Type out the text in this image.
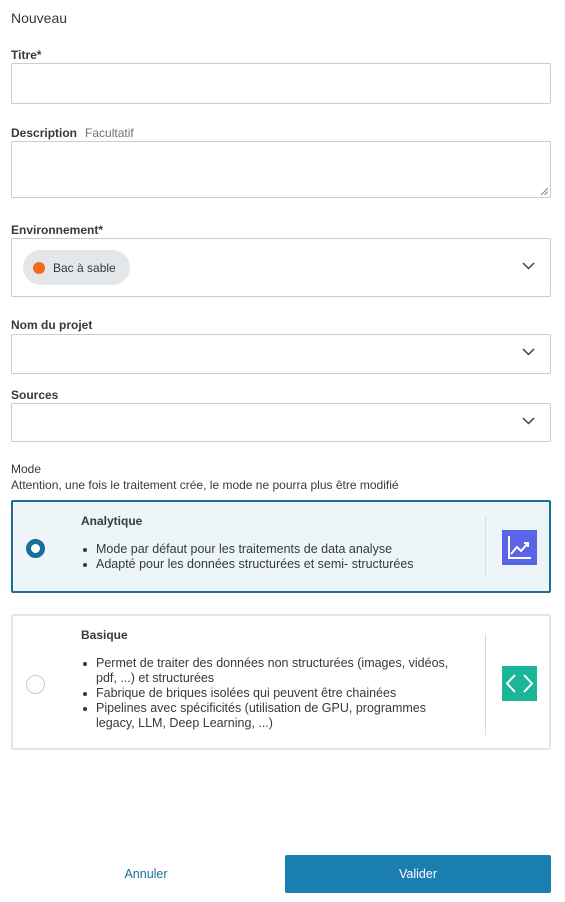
Nouveau
Titre*
Description Facultatif
Environnement*
Bac à sable
Nom du projet
Sources
Mode
Attention, une fois le traitement crée, le mode ne pourra plus être modifié
Analytique
Mode par défaut pour les traitements de data analyse
Adapté pour les données structurées et semi- structurées
Basique
Permet de traiter des données non structurées (images, vidéos, pdf, ...) et structurées
Fabrique de briques isolées qui peuvent être chainées
Pipelines avec spécificités (utilisation de GPU, programmes legacy, LLM, Deep Learning, ...)
Annuler	Valider
